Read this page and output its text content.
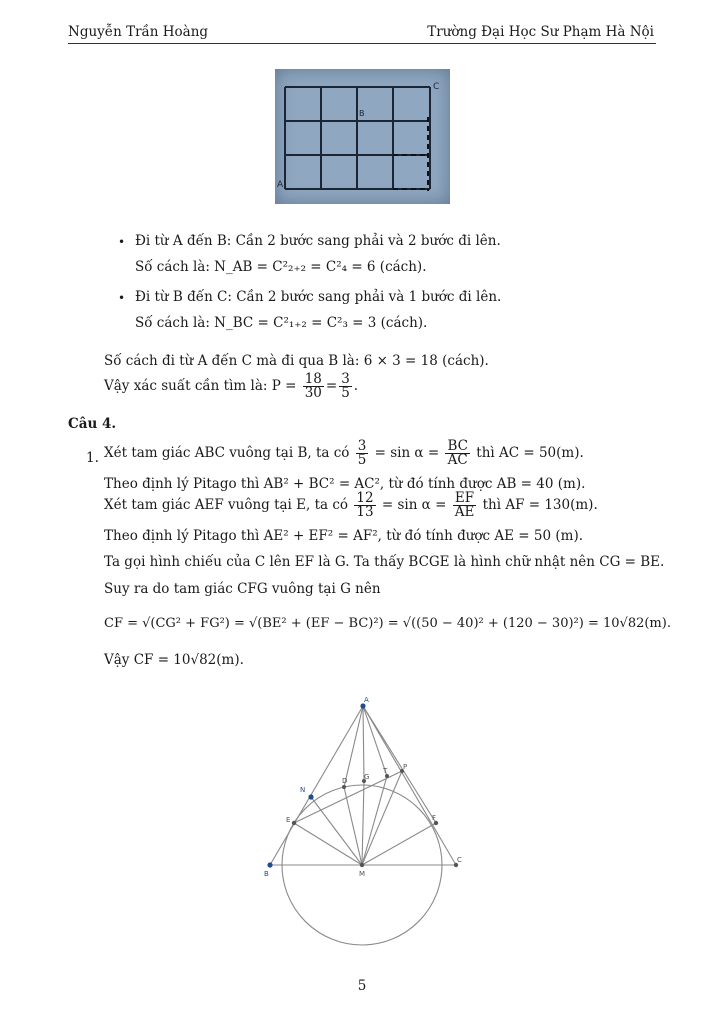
Nguyễn Trần Hoàng	Trường Đại Học Sư Phạm Hà Nội
A
B
C
• Đi từ A đến B: Cần 2 bước sang phải và 2 bước đi lên.
Số cách là: N_AB = C²₂₊₂ = C²₄ = 6 (cách).
• Đi từ B đến C: Cần 2 bước sang phải và 1 bước đi lên.
Số cách là: N_BC = C²₁₊₂ = C²₃ = 3 (cách).
Số cách đi từ A đến C mà đi qua B là: 6 × 3 = 18 (cách).
Vậy xác suất cần tìm là: $P = \frac{18}{30} = \frac{3}{5}$ .
Câu 4.
1. Xét tam giác ABC vuông tại B, ta có $\frac{3}{5} = \sin \alpha = \frac{BC}{AC}$ thì AC = 50(m).
Theo định lý Pitago thì AB² + BC² = AC², từ đó tính được AB = 40 (m).
Xét tam giác AEF vuông tại E, ta có $\frac{12}{13} = \sin \alpha = \frac{EF}{AE}$ thì AF = 130(m).
Theo định lý Pitago thì AE² + EF² = AF², từ đó tính được AE = 50 (m).
Ta gọi hình chiếu của C lên EF là G. Ta thấy BCGE là hình chữ nhật nên CG = BE.
Suy ra do tam giác CFG vuông tại G nên
CF = √(CG² + FG²) = √(BE² + (EF − BC)²) = √((50 − 40)² + (120 − 30)²) = 10√82(m).
Vậy CF = 10√82(m).
A
B
C
D
E	F
G
M
N
P
T
5
